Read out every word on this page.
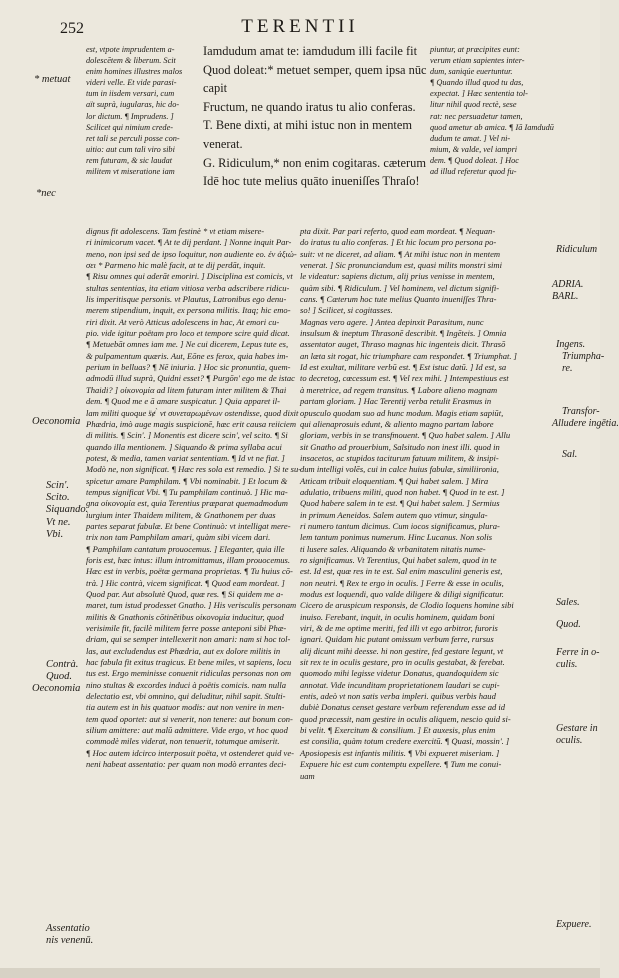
252	TERENTII
* metuat
*nec
Oeconomia
Scin'.
Scito.
Siquando.
Vt ne.
Vbi.
Contrà.
Quod.
Oeconomia
Assentatio
nis venenū.
ADRIA.
BARL.
Ridiculum
Ingens.
Triumpha-
re.
Transfor-
Alludere ingētia.
Sal.
Sales.
Quod.
Ferre in o-
culis.
Gestare in
oculis.
Expuere.
est, vtpote imprudentem a-
dolescētem & liberum. Scit
enim homines illustres malos
videri velle. Et vide parasi-
tum in iisdem versari, cum
aït suprà, iugularas, hic do-
lor dictum. ¶ Imprudens. ]
Scilicet qui nimium crede-
ret tali se perculi posse con-
uitio: aut cum tali viro sibi
rem futuram, & sic laudat
militem vt miseratione iam
Iamdudum amat te: iamdudum illi facile fit
Quod doleat:* metuet semper, quem ipsa nūc
capit
Fructum, ne quando iratus tu alio conferas.
T. Bene dixti, at mihi istuc non in mentem
venerat.
G. Ridiculum,* non enim cogitaras. cæterum
Idē hoc tute melius quāto inueniſſes Thraſo!
piuntur, at præcipites eunt:
verum etiam sapientes inter-
dum, saniqúe euertuntur.
¶ Quando illud quod tu das,
expectat. ] Hæc sententia tol-
litur nihil quod rectè, sese
rat: nec persuadetur tamen,
quod ametur ab amica. ¶ Iā Iamdudū
dudum te amat. ] Vel ni-
mium, & valde, vel iampri
dem. ¶ Quod doleat. ] Hoc
ad illud referetur quod fu-
dignus fit adolescens. Tam festinè * vt etiam misere-
ri inimicorum vacet. ¶ At te dij perdant. ] Nonne inquit Par-
meno, non ipsi sed de ipso loquitur, non audiente eo. ἐν ἀξιώ-
σει * Parmeno hic malè facit, at te dij perdāt, inquit.
¶ Risu omnes qui aderāt emoriri. ] Disciplina est comicis, vt
stultas sententias, ita etiam vitiosa verba adscribere ridicu-
lis imperitisque personis. vt Plautus, Latronibus ego denu-
merem stipendium, inquit, ex persona militis. Itaq; hic emo-
riri dixit. At verò Atticus adolescens in hac, At emori cu-
pio. vide igitur poëtam pro loco et tempore scire quid dicat.
¶ Metuebāt omnes iam me. ] Ne cui dicerem, Lepus tute es,
& pulpamentum quæris. Aut, Eōne es ferox, quia habes im-
perium in belluas? ¶ Nē iniuria. ] Hoc sic pronuntia, quem-
admodū illud suprà, Quidni esset? ¶ Purgōn' ego me de istac
Thaidi? ] οἰκονομία ad litem futuram inter militem & Thai
dem. ¶ Quod me e ā amare suspicatur. ] Quia apparet il-
lam militi quoque s̈ɇ ̀ vt συνεταρωμένων ostendisse, quod dixit
Phædria, imò auge magis suspicionē, hæc erit causa reiiciem
di militis. ¶ Scin'. ] Monentis est dicere scin', vel scito. ¶ Si
quando illa mentionem. ] Siquando & prima syllaba acui
potest, & media, tamen variat sententiam. ¶ Id vt ne fiat. ]
Modò ne, non significat. ¶ Hæc res sola est remedio. ] Si te su-
spicetur amare Pamphilam. ¶ Vbi nominabit. ] Et locum &
tempus significat Vbi. ¶ Tu pamphilam continuò. ] Hic ma-
gna οἰκονομία est, quia Terentius præparat quemadmodum
iurgium inter Thaidem militem, & Gnathonem per duas
partes separat fabulæ. Et bene Continuò: vt intelligat mere-
trix non tam Pamphilam amari, quàm sibi vicem dari.
¶ Pamphilam cantatum prouocemus. ] Eleganter, quia ille
foris est, hæc intus: illum intromittamus, illam prouocemus.
Hæc est in verbis, poëtæ germana proprietas. ¶ Tu huius cō-
trà. ] Hic contrà, vicem significat. ¶ Quod eam mordeat. ]
Quod par. Aut absolutè Quod, quæ res. ¶ Si quidem me a-
maret, tum istud prodesset Gnatho. ] His verisculis personam
militis & Gnathonis cōtinētibus οἰκονομία inducitur, quod
verisimile fit, facilè militem ferre posse anteponi sibi Phæ-
driam, qui se semper intellexerit non amari: nam si hoc tol-
las, aut excludendus est Phædria, aut ex dolore militis in
hac fabula fit exitus tragicus. Et bene miles, vt sapiens, locu
tus est. Ergo meminisse conuenit ridiculas personas non om
nino stultas & excordes induci à poëtis comicis. nam nulla
delectatio est, vbi omnino, qui deluditur, nihil sapit. Stulti-
tia autem est in his quatuor modis: aut non venire in men-
tem quod oportet: aut si venerit, non tenere: aut bonum con-
silium amittere: aut malū admittere. Vide ergo, vt hoc quod
commodè miles viderat, non tenuerit, totumque amiserit.
¶ Hoc autem idcirco interposuit poëta, vt ostenderet quid ve-
neni habeat assentatio: per quam non modò errantes deci-
pta dixit. Par pari refertο, quod eam mordeat. ¶ Nequan-
do iratus tu alio conferas. ] Et hic locum pro persona po-
suit: vt ne diceret, ad aliam. ¶ At mihi istuc non in mentem
venerat. ] Sic pronunciandum est, quasi milits monstri simi
le videatur: sapiens dictum, alij prius venisse in mentem,
quàm sibi. ¶ Ridiculum. ] Vel hominem, vel dictum signifi-
cans. ¶ Cæterum hoc tute melius Quanto inueniſſes Thra-
so! ] Scilicet, si cogitasses.
Magnas vero agere. ] Antea depinxit Parasitum, nunc
insulsum & ineptum Thrasonē describit. ¶ Ingēteis. ] Omnia
assentator auget, Thraso magnas hic ingenteis dicit. Thrasō
an læta sit rogat, hic triumphare cam respondet. ¶ Triumphat. ]
Id est exultat, militare verbū est. ¶ Est istuc datū. ] Id est, sa
to decretog, cœcessum est. ¶ Vel rex mihi. ] Intempestiuus est
à meretrice, ad regem transitus. ¶ Labore alieno magnam
partam gloriam. ] Hac Terentij verba retulit Erasmus in
opusculo quodam suo ad hunc modum. Magis etiam sapiūt,
qui alienaprosuis edunt, & aliento magno partam labore
gloriam, verbis in se transfmouent. ¶ Quo habet salem. ] Allu
sit Gnatho ad prouerbium, Salsitudo non inest illi. quod in
insacetos, ac stupidos taciturum fatuum militem, & insipi-
dum intelligi volēs, cui in calce huius fabulæ, similiironia,
Atticam tribuit eloquentiam. ¶ Qui habet salem. ] Mira
adulatio, tribuens militi, quod non habet. ¶ Quod in te est. ]
Quod habere salem in te est. ¶ Qui habet salem. ] Sermius
in primum Aeneidos. Salem autem quo vtimur, singula-
ri numero tantum dicimus. Cum iocos significamus, plura-
lem tantum ponimus numerum. Hinc Lucanus. Non solis
ti lusere sales. Aliquando & vrbanitatem nitatis nume-
ro significamus. Vt Terentius, Qui habet salem, quod in te
est. Id est, quæ res in te est. Sal enim masculini generis est,
non neutri. ¶ Rex te ergo in oculis. ] Ferre & esse in oculis,
modus est loquendi, quo valde diligere & diligi significatur.
Cicero de aruspicum responsis, de Clodio loquens homine sibi
inuiso. Ferebant, inquit, in oculis hominem, quidam boni
viri, & de me optime meriti, fed illi vt ego arbitror, furoris
ignari. Quidam hic putant omissum verbum ferre, rursus
alij dicunt mihi deesse. hi non gestire, fed gestare legunt, vt
sit rex te in oculis gestare, pro in oculis gestabat, & ferebat.
quomodo mihi legisse videtur Donatus, quandoquidem sic
annotat. Vide incunditam proprietationem laudari se cupi-
entis, adeò vt non satis verba impleri. quibus verbis haud
dubiè Donatus censet gestare verbum referendum esse ad id
quod præcessit, nam gestire in oculis aliquem, nescio quid si-
bi velit. ¶ Exercitum & consilium. ] Et auxesis, plus enim
est consilia, quàm totum credere exercitū. ¶ Quasi, mossin'. ]
Aposiopesis est infantis militis. ¶ Vbi expueret miseriam. ]
Expuere hic est cum contemptu expellere. ¶ Tum me conui-
uam
